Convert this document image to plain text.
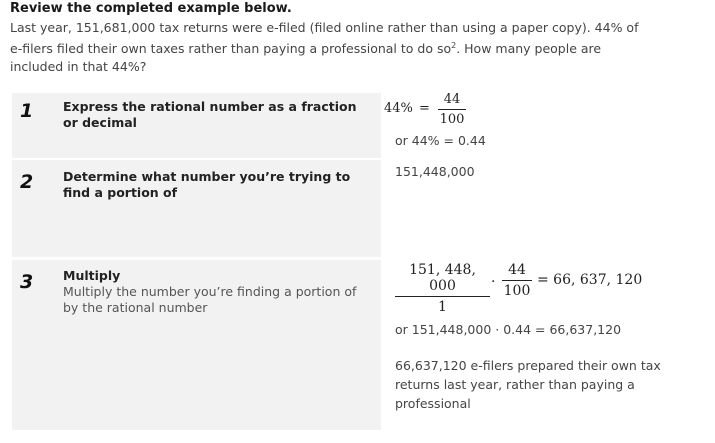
Review the completed example below.
Last year, 151,681,000 tax returns were e-filed (filed online rather than using a paper copy). 44% of e-filers filed their own taxes rather than paying a professional to do $so^2$. How many people are included in that 44%?
1 Express the rational number as a fraction or decimal
44% =
44
100
or 44% = 0.44
2 Determine what number you’re trying to find a portion of
151,448,000
3 Multiply
Multiply the number you’re finding a portion of by the rational number
151, 448, 000
1
·
44
100
= 66, 637, 120
or 151,448,000 · 0.44 = 66,637,120
66,637,120 e-filers prepared their own tax returns last year, rather than paying a professional
